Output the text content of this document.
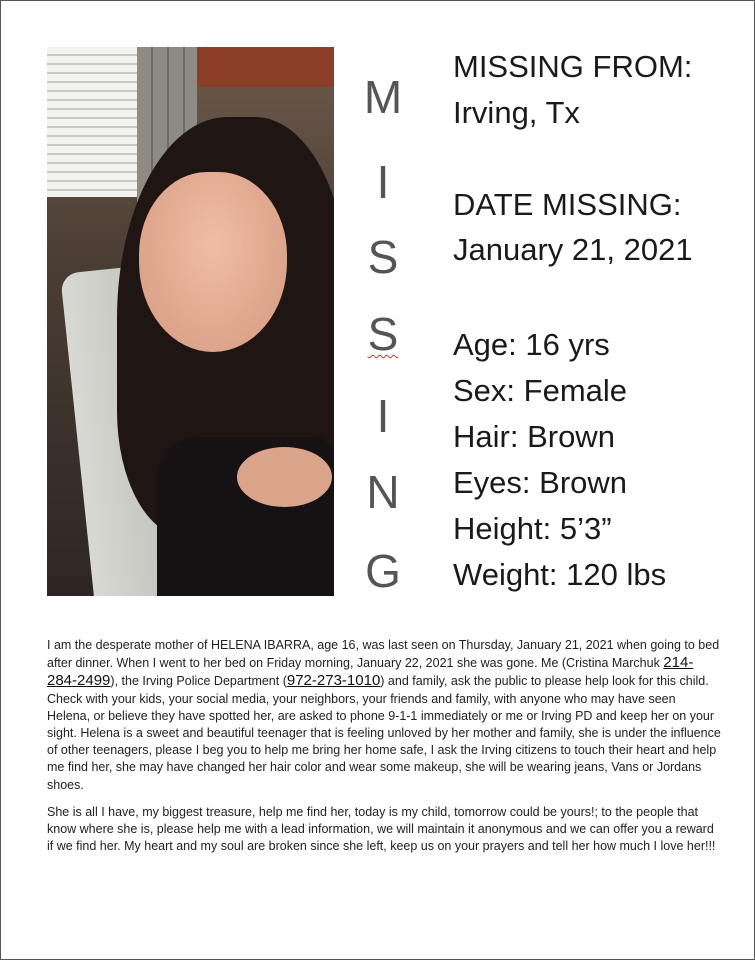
M
I
S
S
I
N
G
MISSING FROM:
Irving, Tx
DATE MISSING:
January 21, 2021
Age: 16 yrs
Sex: Female
Hair: Brown
Eyes: Brown
Height: 5’3”
Weight: 120 lbs

I am the desperate mother of HELENA IBARRA, age 16, was last seen on Thursday, January 21, 2021 when going to bed after dinner. When I went to her bed on Friday morning, January 22, 2021 she was gone. Me (Cristina Marchuk 214-284-2499), the Irving Police Department (972-273-1010) and family, ask the public to please help look for this child. Check with your kids, your social media, your neighbors, your friends and family, with anyone who may have seen Helena, or believe they have spotted her, are asked to phone 9-1-1 immediately or me or Irving PD and keep her on your sight. Helena is a sweet and beautiful teenager that is feeling unloved by her mother and family, she is under the influence of other teenagers, please I beg you to help me bring her home safe, I ask the Irving citizens to touch their heart and help me find her, she may have changed her hair color and wear some makeup, she will be wearing jeans, Vans or Jordans shoes.

She is all I have, my biggest treasure, help me find her, today is my child, tomorrow could be yours!; to the people that know where she is, please help me with a lead information, we will maintain it anonymous and we can offer you a reward if we find her. My heart and my soul are broken since she left, keep us on your prayers and tell her how much I love her!!!
